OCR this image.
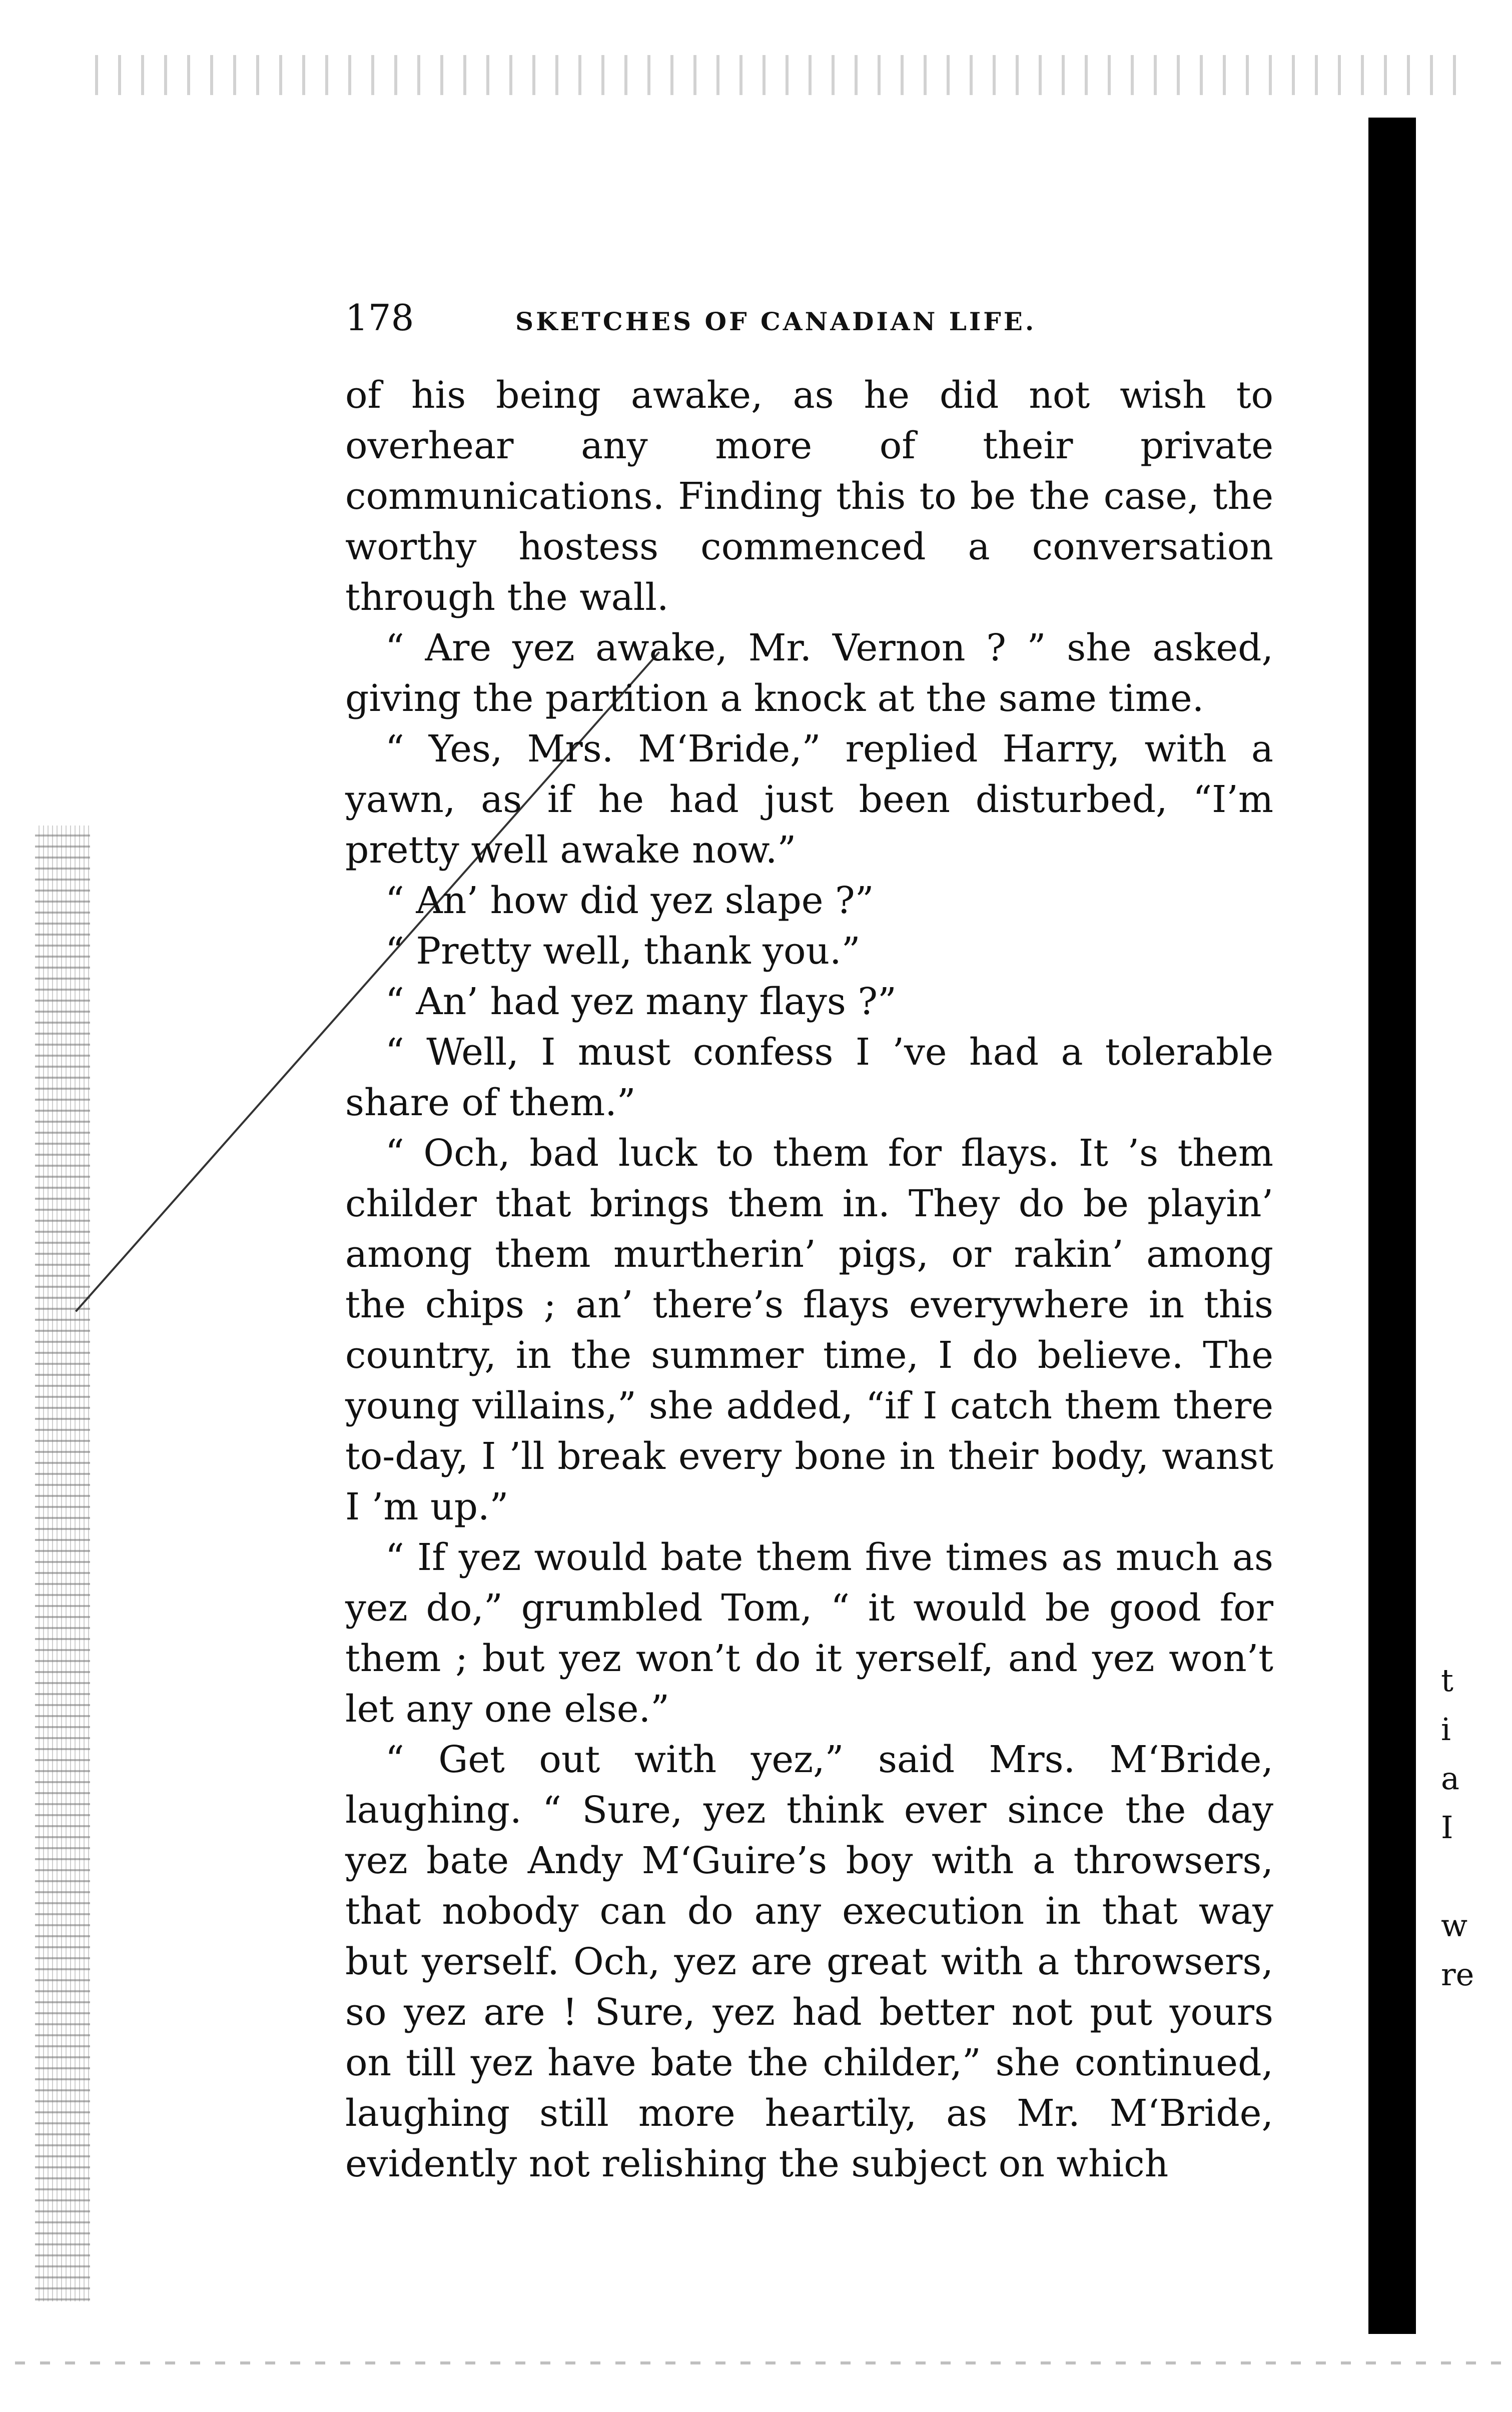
178	SKETCHES OF CANADIAN LIFE.

of his being awake, as he did not wish to overhear any more of their private communications. Finding this to be the case, the worthy hostess commenced a conversation through the wall.

“ Are yez awake, Mr. Vernon ? ” she asked, giving the partition a knock at the same time.

“ Yes, Mrs. M‘Bride,” replied Harry, with a yawn, as if he had just been disturbed, “I’m pretty well awake now.”

“ An’ how did yez slape ?”

“ Pretty well, thank you.”

“ An’ had yez many flays ?”

“ Well, I must confess I ’ve had a tolerable share of them.”

“ Och, bad luck to them for flays. It ’s them childer that brings them in. They do be playin’ among them murtherin’ pigs, or rakin’ among the chips ; an’ there’s flays everywhere in this country, in the summer time, I do believe. The young villains,” she added, “if I catch them there to-day, I ’ll break every bone in their body, wanst I ’m up.”

“ If yez would bate them five times as much as yez do,” grumbled Tom, “ it would be good for them ; but yez won’t do it yerself, and yez won’t let any one else.”

“ Get out with yez,” said Mrs. M‘Bride, laughing. “ Sure, yez think ever since the day yez bate Andy M‘Guire’s boy with a throwsers, that nobody can do any execution in that way but yerself. Och, yez are great with a throwsers, so yez are ! Sure, yez had better not put yours on till yez have bate the childer,” she continued, laughing still more heartily, as Mr. M‘Bride, evidently not relishing the subject on which

t
i
a
I
w
re
